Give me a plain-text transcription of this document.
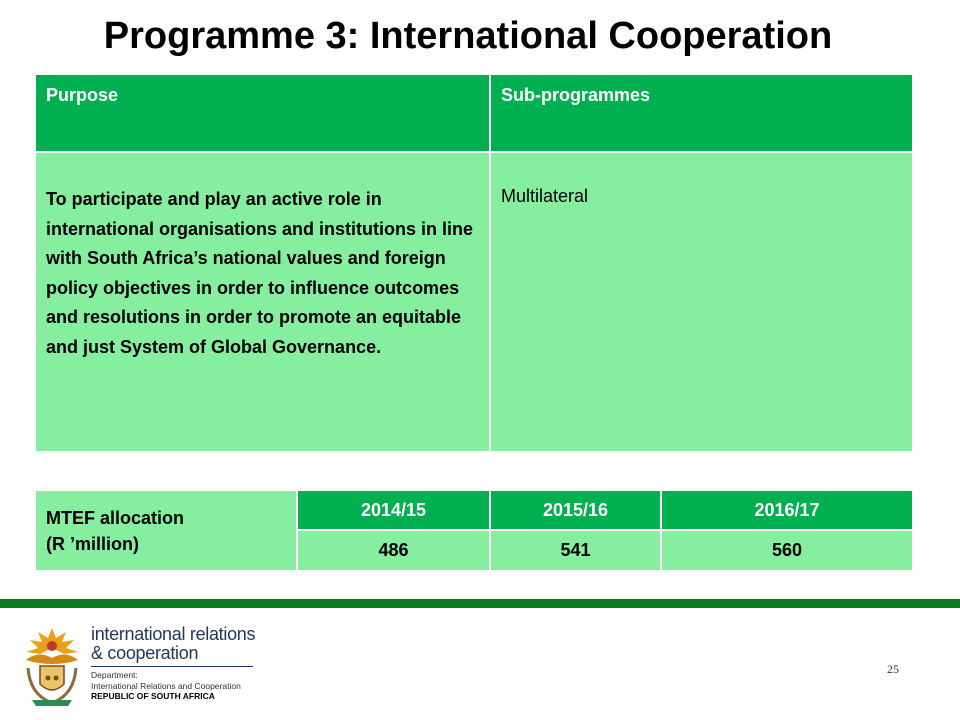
Programme 3: International Cooperation
Purpose	Sub-programmes

To participate and play an active role in international organisations and institutions in line with South Africa’s national values and foreign policy objectives in order to influence outcomes and resolutions in order to promote an equitable and just System of Global Governance.	Multilateral
MTEF allocation
(R ’million)	2014/15	2015/16	2016/17
	486	541	560
international relations
& cooperation
Department:
International Relations and Cooperation
REPUBLIC OF SOUTH AFRICA
25
